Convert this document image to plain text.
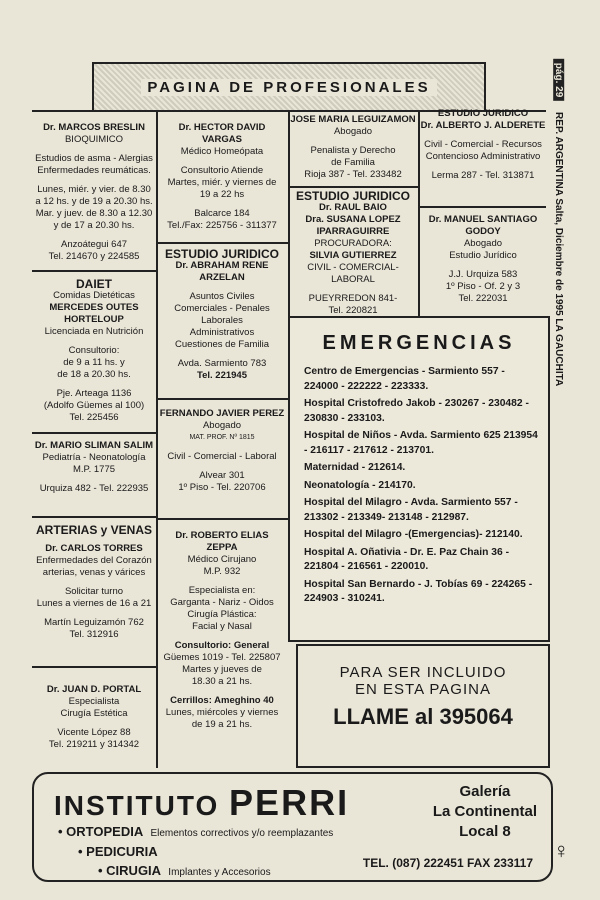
PAGINA DE PROFESIONALES	pág. 29 REP. ARGENTINA Salta, Diciembre de 1995 LA GAUCHITA
Dr. MARCOS BRESLIN
BIOQUIMICO
Estudios de asma - Alergias
Enfermedades reumáticas.
Lunes, miér. y vier. de 8.30
a 12 hs. y de 19 a 20.30 hs.
Mar. y juev. de 8.30 a 12.30
y de 17 a 20.30 hs.
Anzoátegui 647
Tel. 214670 y 224585
DAIET
Comidas Dietéticas
MERCEDES OUTES
HORTELOUP
Licenciada en Nutrición
Consultorio:
de 9 a 11 hs. y
de 18 a 20.30 hs.
Pje. Arteaga 1136
(Adolfo Güemes al 100)
Tel. 225456
Dr. MARIO SLIMAN SALIM
Pediatría - Neonatología
M.P. 1775
Urquiza 482 - Tel. 222935
ARTERIAS y VENAS
Dr. CARLOS TORRES
Enfermedades del Corazón
arterias, venas y várices
Solicitar turno
Lunes a viernes de 16 a 21
Martín Leguizamón 762
Tel. 312916
Dr. JUAN D. PORTAL
Especialista
Cirugía Estética
Vicente López 88
Tel. 219211 y 314342
Dr. HECTOR DAVID VARGAS
Médico Homeópata
Consultorio Atiende
Martes, miér. y viernes de
19 a 22 hs
Balcarce 184
Tel./Fax: 225756 - 311377
ESTUDIO JURIDICO
Dr. ABRAHAM RENE
ARZELAN
Asuntos Civiles
Comerciales - Penales
Laborales
Administrativos
Cuestiones de Familia
Avda. Sarmiento 783
Tel. 221945
FERNANDO JAVIER PEREZ
Abogado
MAT. PROF. Nº 1815
Civil - Comercial - Laboral
Alvear 301
1º Piso - Tel. 220706
Dr. ROBERTO ELIAS
ZEPPA
Médico Cirujano
M.P. 932
Especialista en:
Garganta - Nariz - Oidos
Cirugía Plástica:
Facial y Nasal
Consultorio: General
Güemes 1019 - Tel. 225807
Martes y jueves de
18.30 a 21 hs.
Cerrillos: Ameghino 40
Lunes, miércoles y viernes
de 19 a 21 hs.
JOSE MARIA LEGUIZAMON
Abogado
Penalista y Derecho
de Familia
Rioja 387 - Tel. 233482
ESTUDIO JURIDICO
Dr. RAUL BAIO
Dra. SUSANA LOPEZ
IPARRAGUIRRE
PROCURADORA:
SILVIA GUTIERREZ
CIVIL - COMERCIAL-LABORAL
PUEYRREDON 841-
Tel. 220821
ESTUDIO JURIDICO
Dr. ALBERTO J. ALDERETE
Civil - Comercial - Recursos
Contencioso Administrativo
Lerma 287 - Tel. 313871
Dr. MANUEL SANTIAGO
GODOY
Abogado
Estudio Jurídico
J.J. Urquiza 583
1º Piso - Of. 2 y 3
Tel. 222031
EMERGENCIAS
Centro de Emergencias - Sarmiento 557 - 224000 - 222222 - 223333.
Hospital Cristofredo Jakob - 230267 - 230482 - 230830 - 233103.
Hospital de Niños - Avda. Sarmiento 625 213954 - 216117 - 217612 - 213701.
Maternidad - 212614.
Neonatología - 214170.
Hospital del Milagro - Avda. Sarmiento 557 - 213302 - 213349- 213148 - 212987.
Hospital del Milagro -(Emergencias)- 212140.
Hospital A. Oñativia - Dr. E. Paz Chain 36 - 221804 - 216561 - 220010.
Hospital San Bernardo - J. Tobías 69 - 224265 - 224903 - 310241.
PARA SER INCLUIDO
EN ESTA PAGINA
LLAME al 395064
INSTITUTO PERRI	Galería
La Continental
Local 8
• ORTOPEDIA Elementos correctivos y/o reemplazantes
• PEDICURIA
• CIRUGIA Implantes y Accesorios
TEL. (087) 222451 FAX 233117 ♀
